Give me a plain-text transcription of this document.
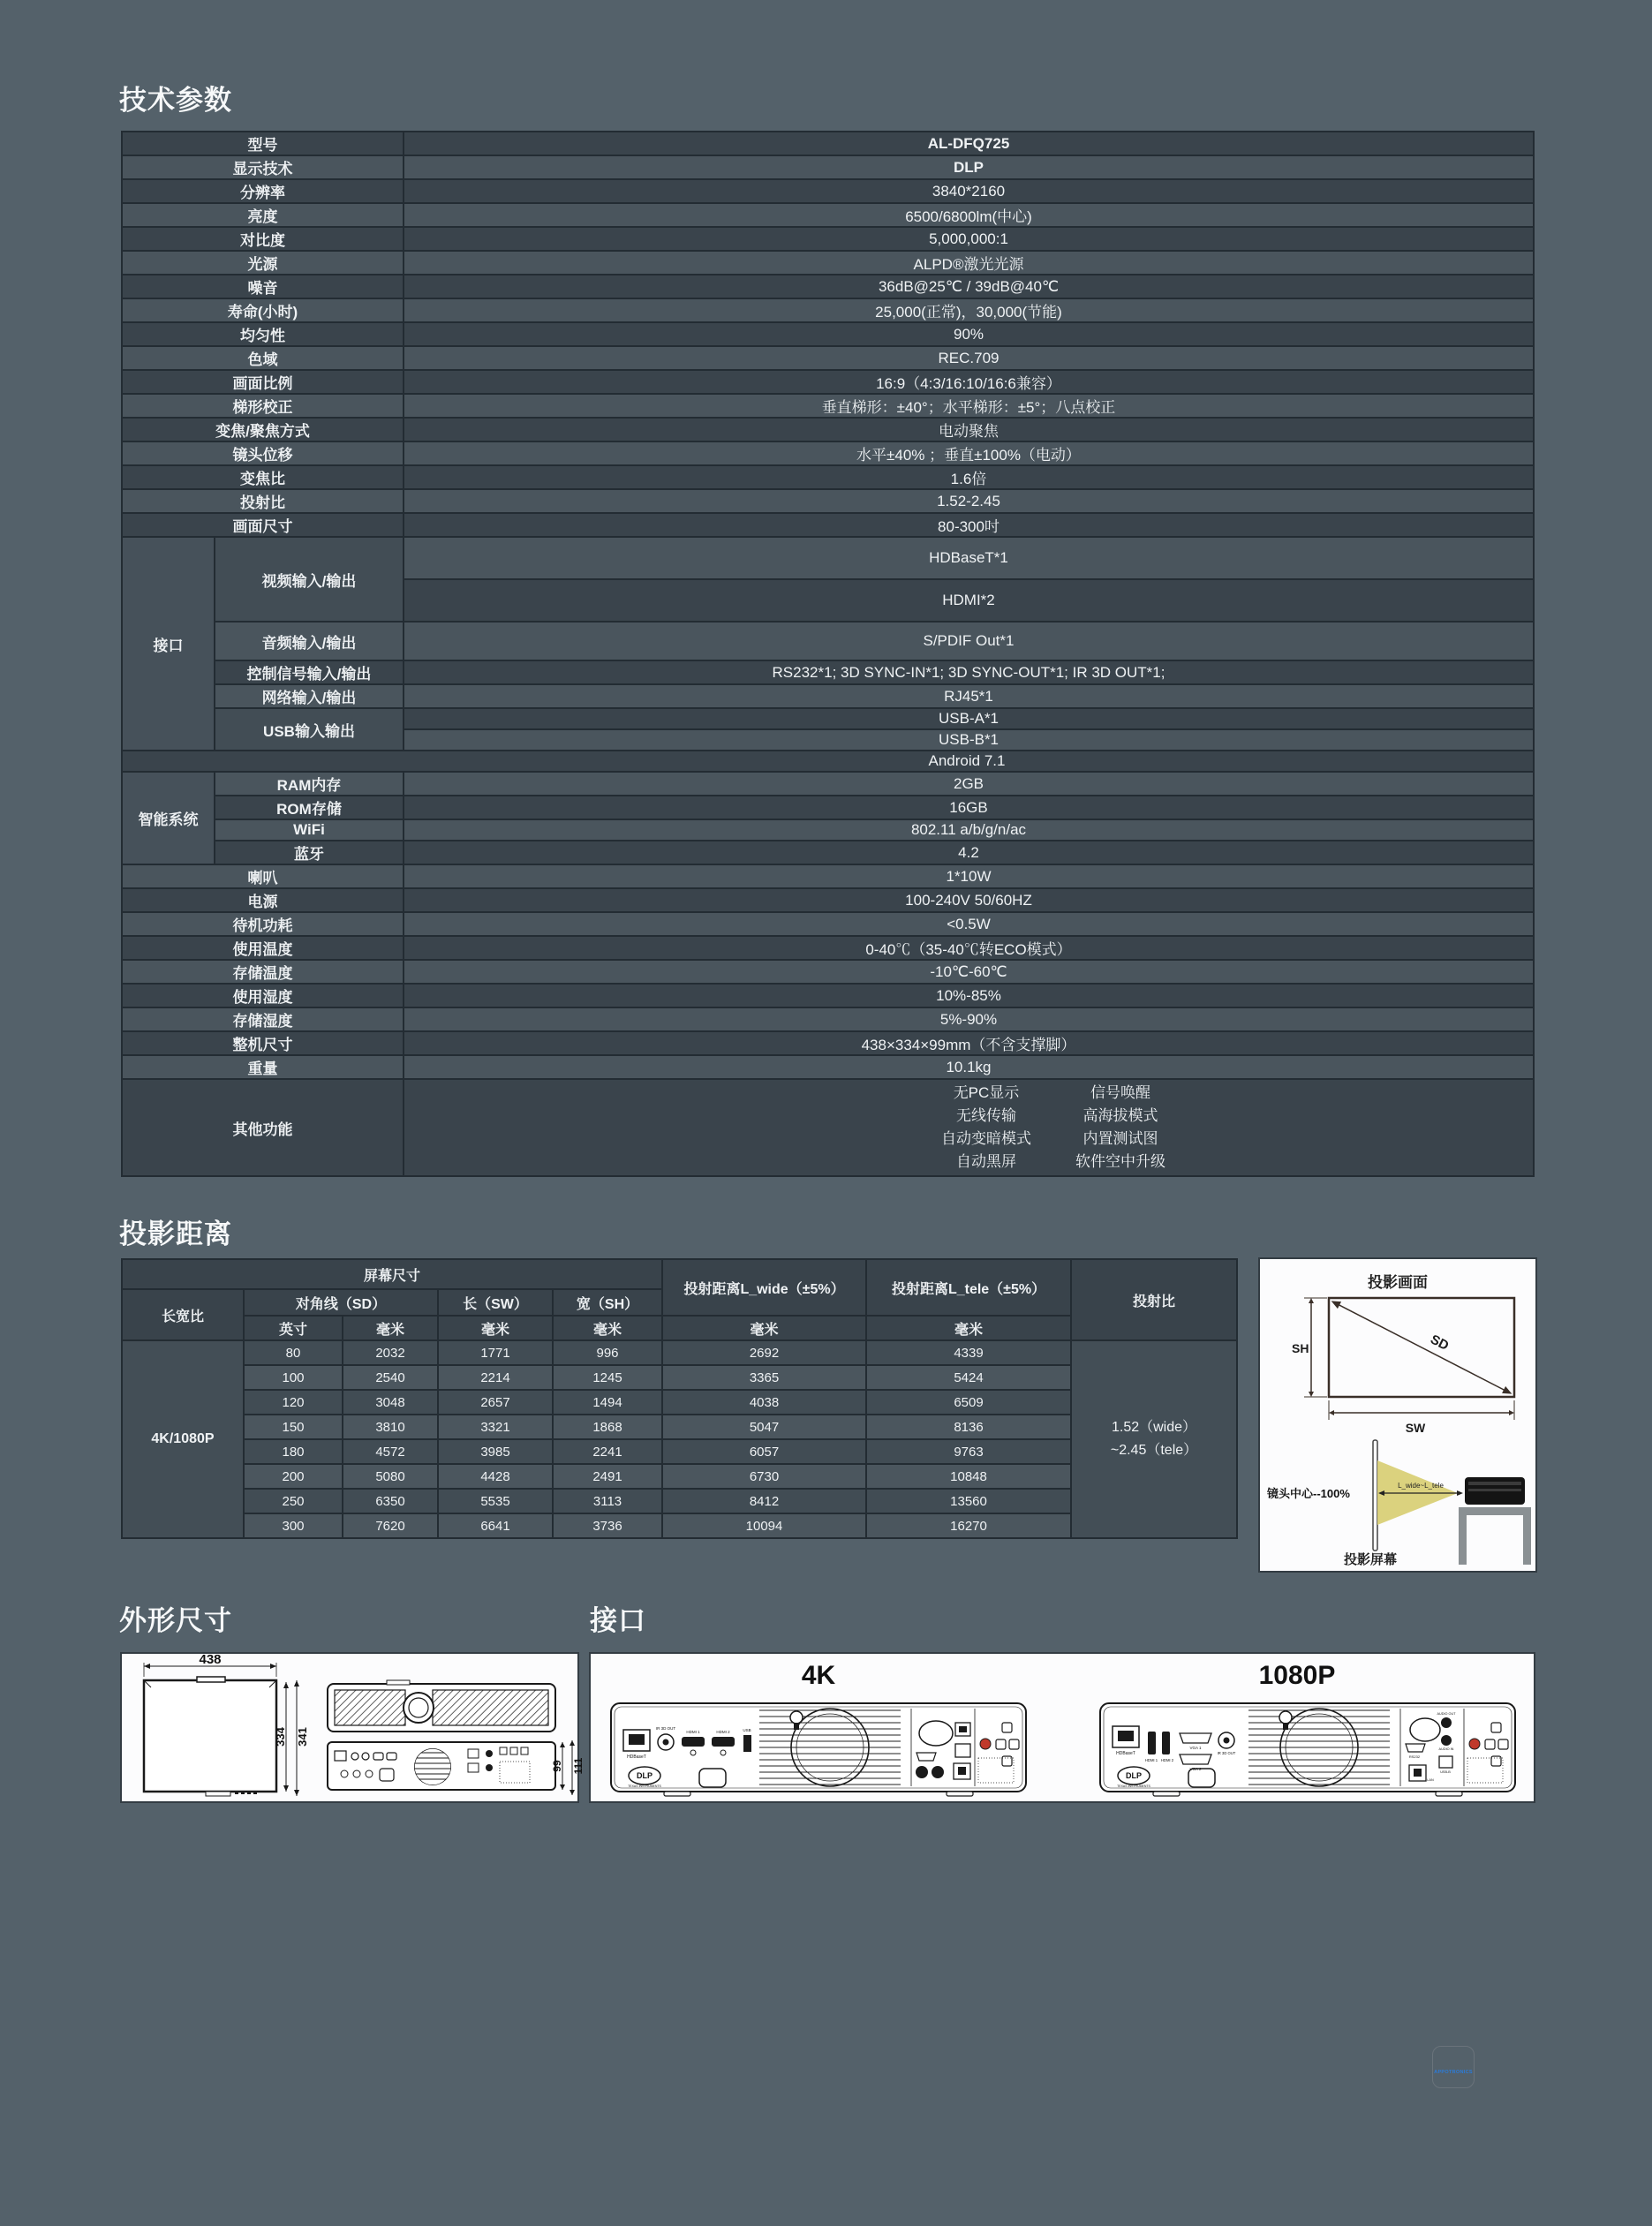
技术参数
型号		AL-DFQ725
显示技术		DLP
分辨率		3840*2160
亮度		6500/6800lm(中心)
对比度		5,000,000:1
光源		ALPD®激光光源
噪音		36dB@25℃ / 39dB@40℃
寿命(小时)		25,000(正常)，30,000(节能)
均匀性		90%
色域		REC.709
画面比例		16:9（4:3/16:10/16:6兼容）
梯形校正		垂直梯形：±40°；水平梯形：±5°；八点校正
变焦/聚焦方式		电动聚焦
镜头位移		水平±40% ；垂直±100%（电动）
变焦比		1.6倍
投射比		1.52-2.45
画面尺寸		80-300吋
接口	视频输入/输出	HDBaseT*1
		HDMI*2
	音频输入/输出	S/PDIF Out*1
	控制信号输入/输出	RS232*1; 3D SYNC-IN*1; 3D SYNC-OUT*1; IR 3D OUT*1;
	网络输入/输出	RJ45*1
	USB输入输出	USB-A*1
		USB-B*1
Android 7.1		
智能系统	RAM内存	2GB
	ROM存储	16GB
	WiFi	802.11 a/b/g/n/ac
	蓝牙	4.2
喇叭		1*10W
电源		100-240V 50/60HZ
待机功耗		<0.5W
使用温度		0-40℃（35-40℃转ECO模式）
存储温度		-10℃-60℃
使用湿度		10%-85%
存储湿度		5%-90%
整机尺寸		438×334×99mm（不含支撑脚）
重量		10.1kg
其他功能	
无PC显示	信号唤醒
无线传输	高海拔模式
自动变暗模式	内置测试图
自动黑屏	软件空中升级
投影距离
屏幕尺寸					投射距离L_wide（±5%）	投射距离L_tele（±5%）	投射比
长宽比	对角线（SD）		长（SW）	宽（SH）			
	英寸	毫米	毫米	毫米	毫米	毫米	
4K/1080P	80	2032	1771	996	2692	4339	1.52（wide）
~2.45（tele）

	100	2540	2214	1245	3365	5424	
	120	3048	2657	1494	4038	6509	
	150	3810	3321	1868	5047	8136	
	180	4572	3985	2241	6057	9763	
	200	5080	4428	2491	6730	10848	
	250	6350	5535	3113	8412	13560	
	300	7620	6641	3736	10094	16270	
投影画面
SD
SH
SW
L_wide~L_tele
镜头中心--100%
投影屏幕
外形尺寸
438
334 341
99 111
接口
4K
HDBaseT
IR 3D OUT
HDMI 1	HDMI 2	USB
DLP
TEXAS INSTRUMENTS
1080P
HDBaseT
HDMI 1 HDMI 2
VGA 1
VGA 2
IR 3D OUT
RS232
AUDIO OUT
AUDIO IN
USB-B
LAN
DLP
TEXAS INSTRUMENTS
APPOTRONICS
